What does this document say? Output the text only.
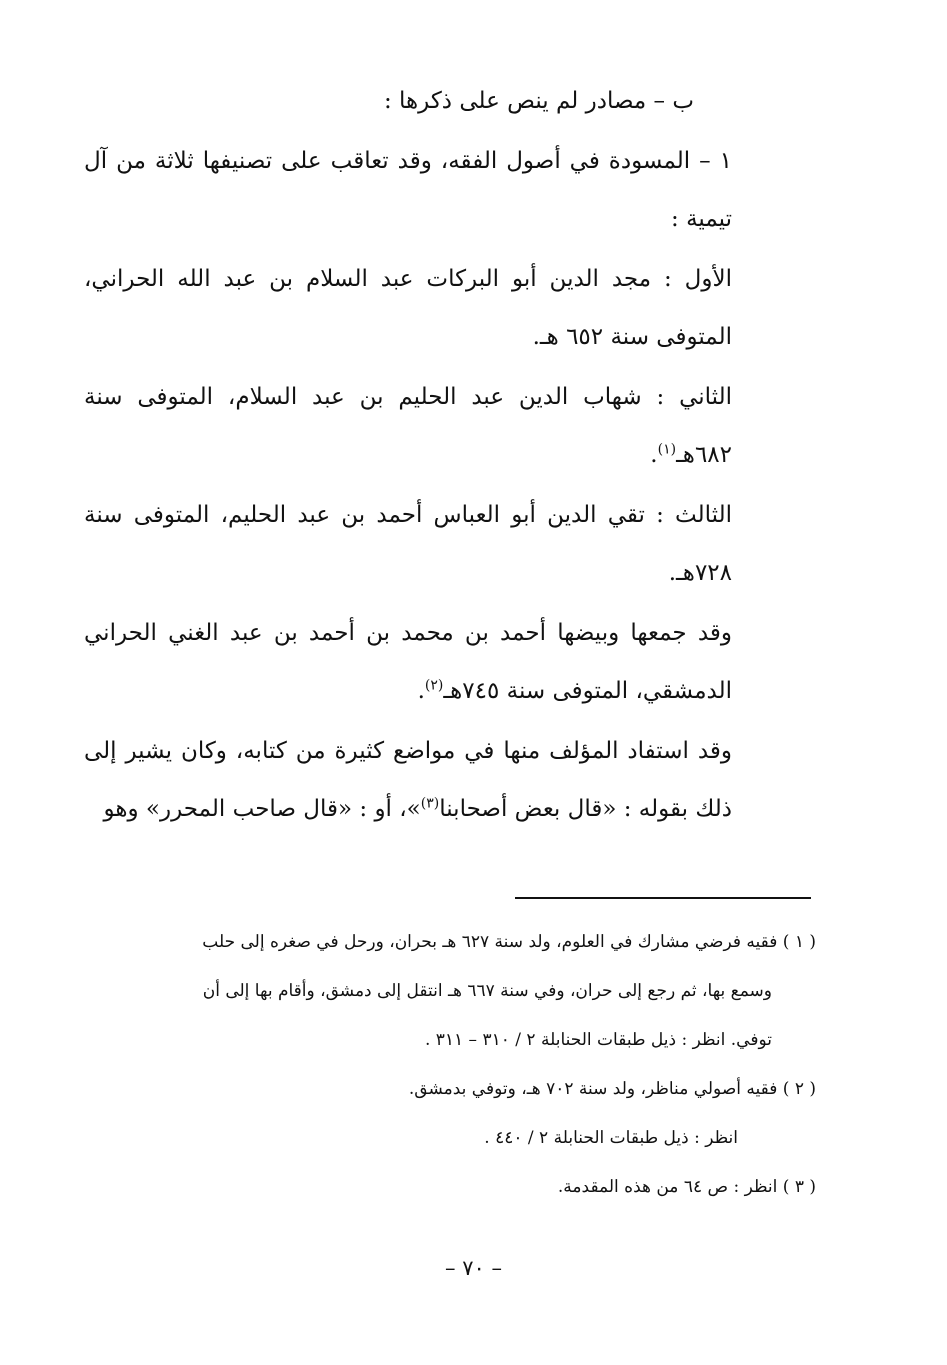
ب – مصادر لم ينص على ذكرها :

١ – المسودة في أصول الفقه، وقد تعاقب على تصنيفها ثلاثة من آل تيمية :

الأول : مجد الدين أبو البركات عبد السلام بن عبد الله الحراني، المتوفى سنة ٦٥٢ هـ.

الثاني : شهاب الدين عبد الحليم بن عبد السلام، المتوفى سنة ٦٨٢هـ$^{(١)}$.

الثالث : تقي الدين أبو العباس أحمد بن عبد الحليم، المتوفى سنة ٧٢٨هـ.

وقد جمعها وبيضها أحمد بن محمد بن أحمد بن عبد الغني الحراني الدمشقي، المتوفى سنة ٧٤٥هـ$^{(٢)}$.

وقد استفاد المؤلف منها في مواضع كثيرة من كتابه، وكان يشير إلى ذلك بقوله : «قال بعض أصحابنا$^{(٣)}$»، أو : «قال صاحب المحرر» وهو

( ١ ) فقيه فرضي مشارك في العلوم، ولد سنة ٦٢٧ هـ بحران، ورحل في صغره إلى حلب

وسمع بها، ثم رجع إلى حران، وفي سنة ٦٦٧ هـ انتقل إلى دمشق، وأقام بها إلى أن

توفي. انظر : ذيل طبقات الحنابلة ٢ / ٣١٠ – ٣١١ .

( ٢ ) فقيه أصولي مناظر، ولد سنة ٧٠٢ هـ، وتوفي بدمشق.

انظر : ذيل طبقات الحنابلة ٢ / ٤٤٠ .

( ٣ ) انظر : ص ٦٤ من هذه المقدمة.

– ٧٠ –
